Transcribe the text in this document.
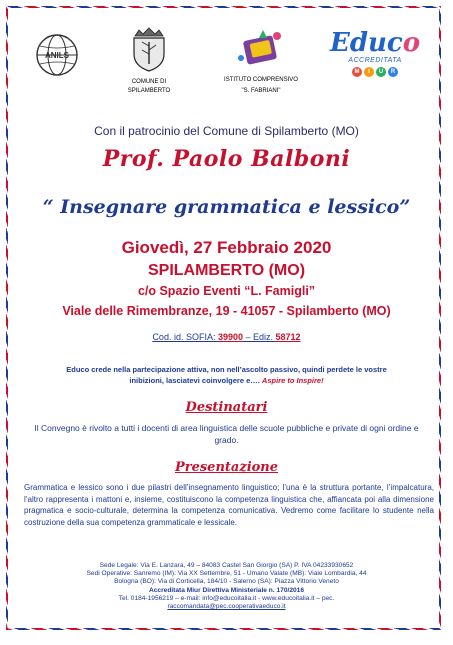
ANILS
COMUNE DI
SPILAMBERTO
ISTITUTO COMPRENSIVO
"S. FABRIANI"
Educo
ACCREDITATA
M	I	U	R
Con il patrocinio del Comune di Spilamberto (MO)
Prof. Paolo Balboni
“ Insegnare grammatica e lessico”
Giovedì, 27 Febbraio 2020
SPILAMBERTO (MO)
c/o Spazio Eventi “L. Famigli”
Viale delle Rimembranze, 19 - 41057 - Spilamberto (MO)
Cod. id. SOFIA: 39900 – Ediz. 58712
Educo crede nella partecipazione attiva, non nell’ascolto passivo, quindi perdete le vostre inibizioni, lasciatevi coinvolgere e…. Aspire to Inspire!
Destinatari
Il Convegno è rivolto a tutti i docenti di area linguistica delle scuole pubbliche e private di ogni ordine e grado.
Presentazione
Grammatica e lessico sono i due pilastri dell’insegnamento linguistico; l’una è la struttura portante, l’impalcatura, l’altro rappresenta i mattoni e, insieme, costituiscono la competenza linguistica che, affiancata poi alla dimensione pragmatica e socio-culturale, determina la competenza comunicativa. Vedremo come facilitare lo studente nella costruzione della sua competenza grammaticale e lessicale.
Sede Legale: Via E. Lanzara, 49 – 84083 Castel San Giorgio (SA) P. IVA 04233930652
Sedi Operative: Sanremo (IM): Via XX Settembre, 51 - Umano Valate (MB): Viale Lombardia, 44
Bologna (BO): Via di Corticella, 184/10 - Salerno (SA): Piazza Vittorio Veneto
Accreditata Miur Direttiva Ministeriale n. 170/2016
Tel. 0184-1956219 – e-mail: info@educoitalia.it - www.educoitalia.it – pec.
raccomandata@pec.cooperativaeduco.it
